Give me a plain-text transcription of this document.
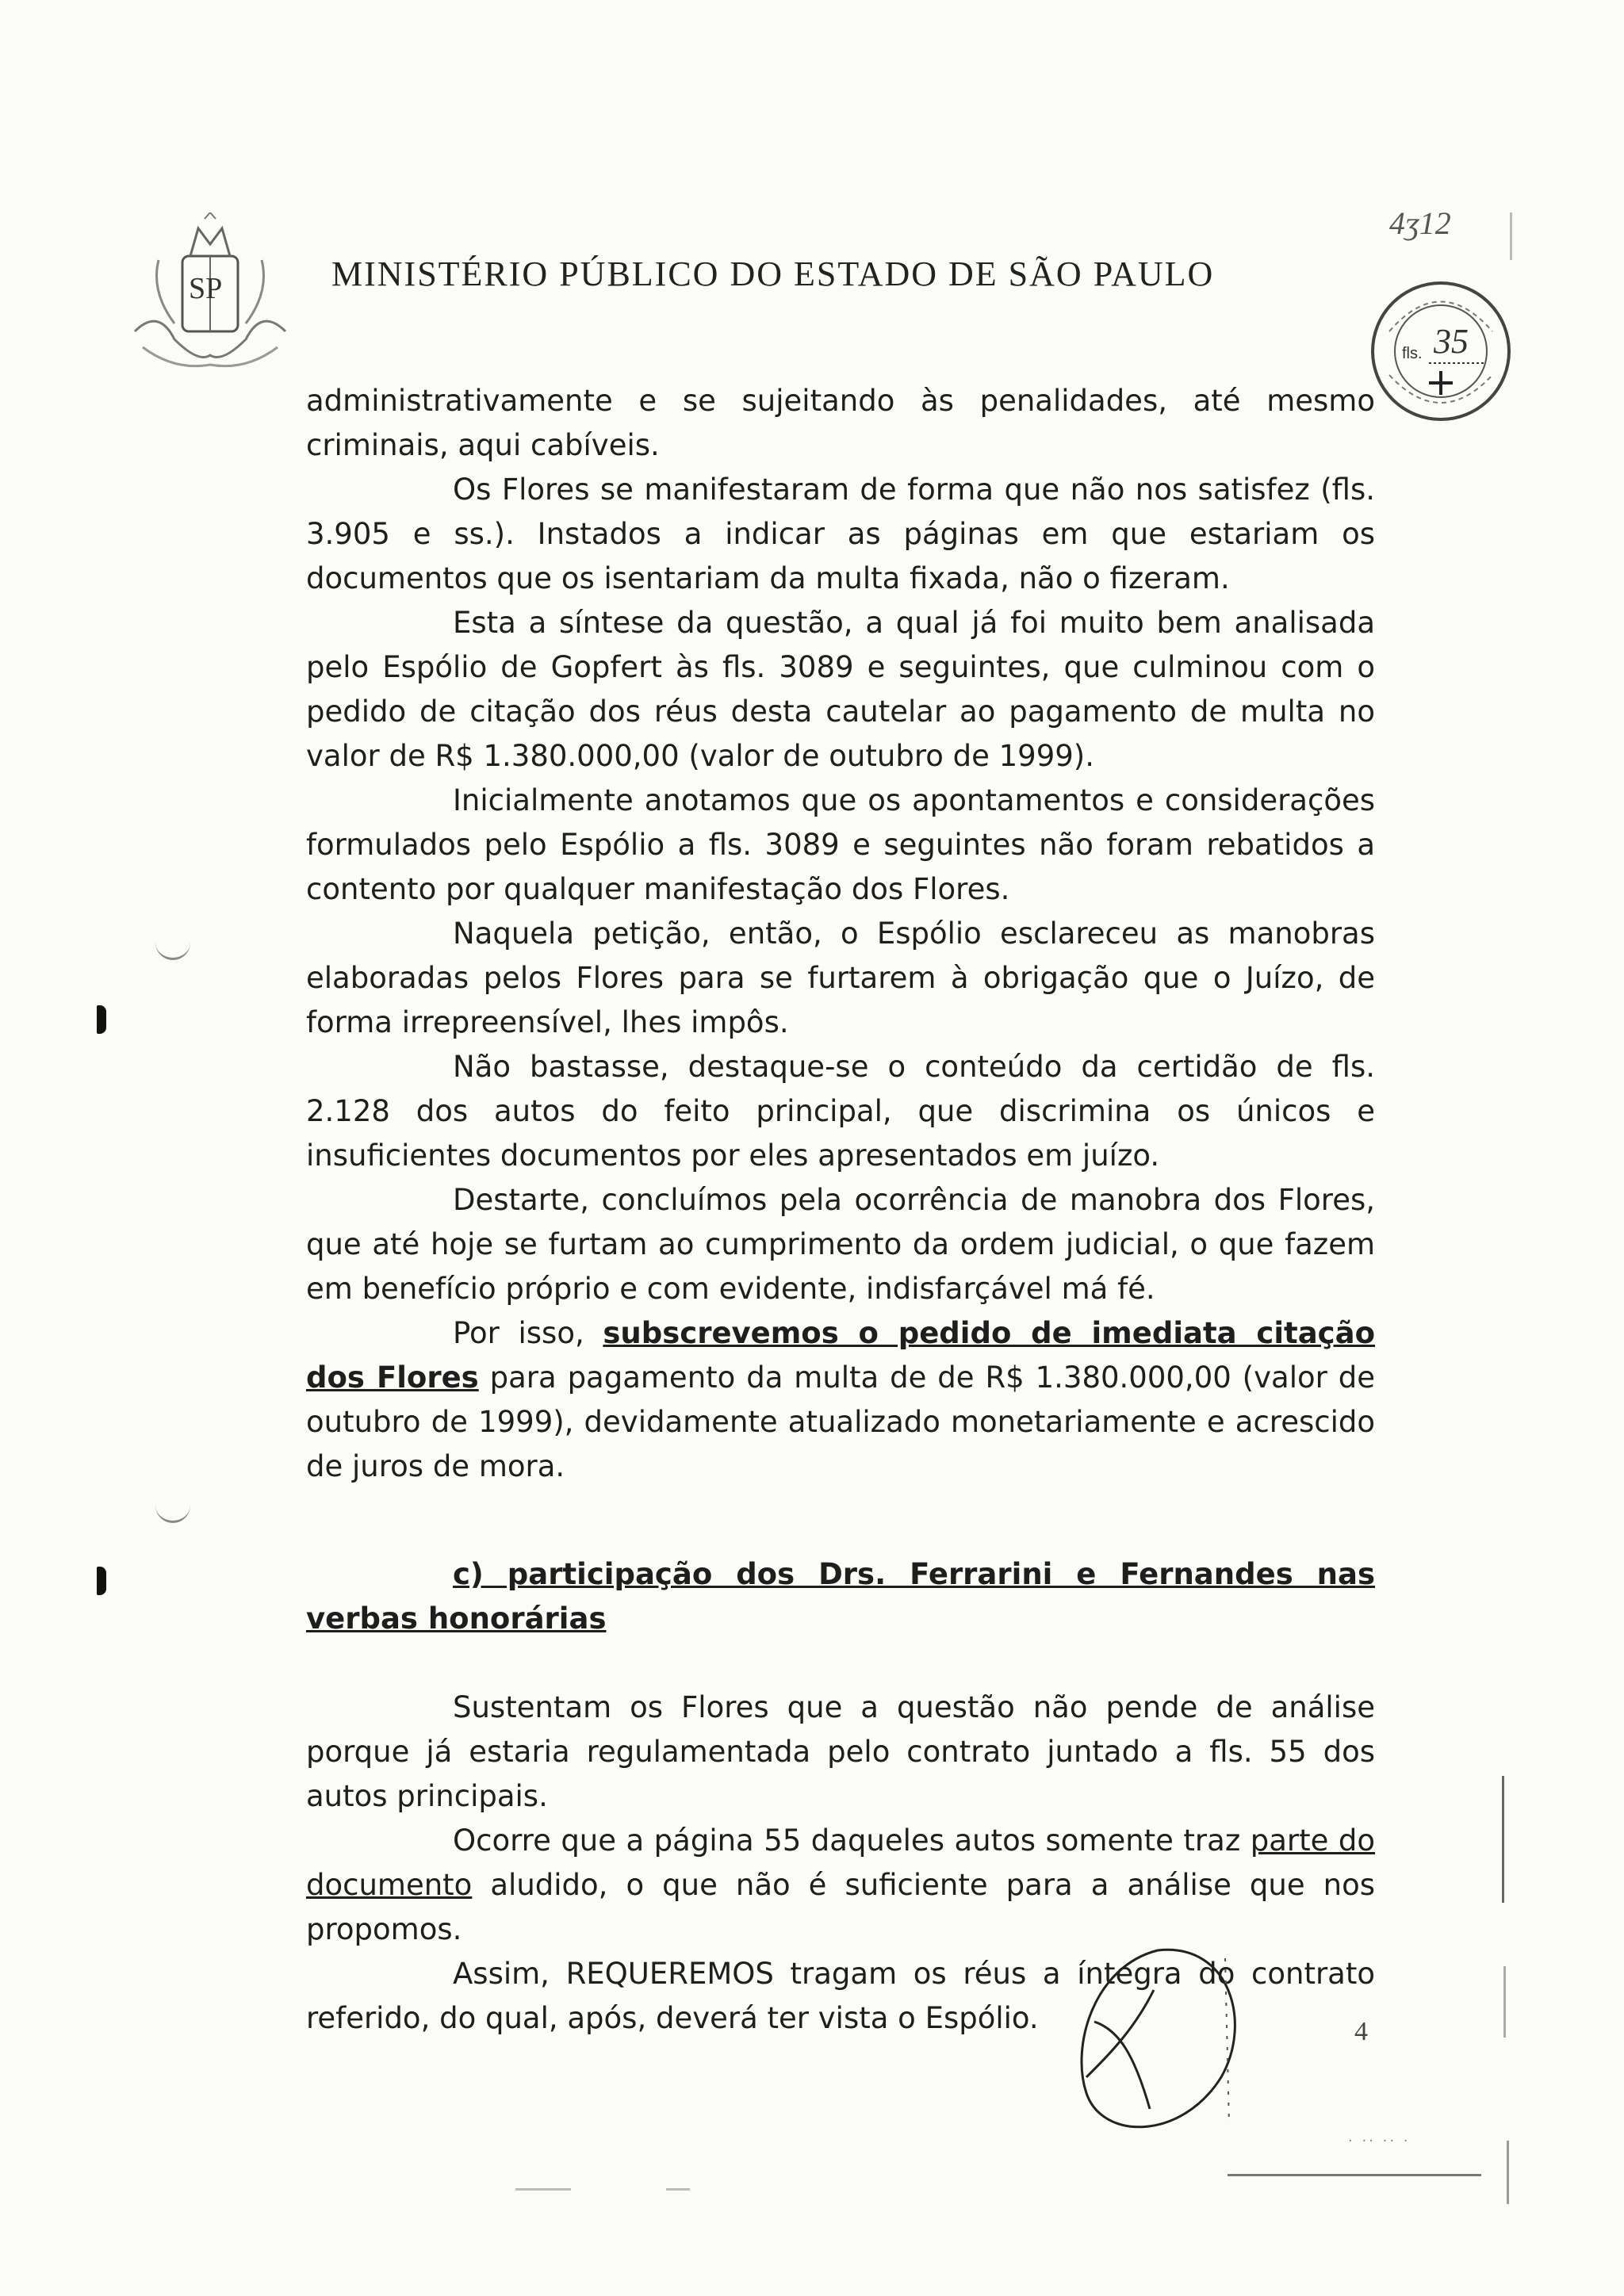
SP	MINISTÉRIO PÚBLICO DO ESTADO DE SÃO PAULO
4ʒ12
fls. 35

administrativamente e se sujeitando às penalidades, até mesmo criminais, aqui cabíveis.

Os Flores se manifestaram de forma que não nos satisfez (fls. 3.905 e ss.). Instados a indicar as páginas em que estariam os documentos que os isentariam da multa fixada, não o fizeram.

Esta a síntese da questão, a qual já foi muito bem analisada pelo Espólio de Gopfert às fls. 3089 e seguintes, que culminou com o pedido de citação dos réus desta cautelar ao pagamento de multa no valor de R$ 1.380.000,00 (valor de outubro de 1999).

Inicialmente anotamos que os apontamentos e considerações formulados pelo Espólio a fls. 3089 e seguintes não foram rebatidos a contento por qualquer manifestação dos Flores.

Naquela petição, então, o Espólio esclareceu as manobras elaboradas pelos Flores para se furtarem à obrigação que o Juízo, de forma irrepreensível, lhes impôs.

Não bastasse, destaque-se o conteúdo da certidão de fls. 2.128 dos autos do feito principal, que discrimina os únicos e insuficientes documentos por eles apresentados em juízo.

Destarte, concluímos pela ocorrência de manobra dos Flores, que até hoje se furtam ao cumprimento da ordem judicial, o que fazem em benefício próprio e com evidente, indisfarçável má fé.

Por isso, subscrevemos o pedido de imediata citação dos Flores para pagamento da multa de de R$ 1.380.000,00 (valor de outubro de 1999), devidamente atualizado monetariamente e acrescido de juros de mora.

c) participação dos Drs. Ferrarini e Fernandes nas
verbas honorárias

Sustentam os Flores que a questão não pende de análise porque já estaria regulamentada pelo contrato juntado a fls. 55 dos autos principais.

Ocorre que a página 55 daqueles autos somente traz parte do documento aludido, o que não é suficiente para a análise que nos propomos.

Assim, REQUEREMOS tragam os réus a íntegra do contrato referido, do qual, após, deverá ter vista o Espólio.	4
· ·· ·· ·
